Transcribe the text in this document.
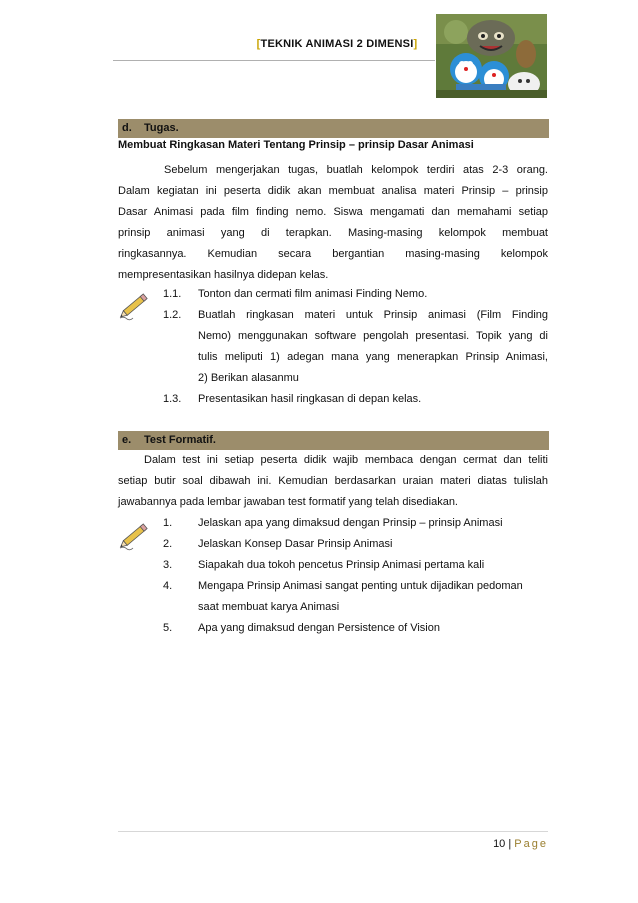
[TEKNIK ANIMASI 2 DIMENSI]
d. Tugas.
Membuat Ringkasan Materi Tentang Prinsip – prinsip Dasar Animasi
Sebelum mengerjakan tugas, buatlah kelompok terdiri atas 2-3 orang.
Dalam kegiatan ini peserta didik akan membuat analisa materi Prinsip – prinsip
Dasar Animasi pada film finding nemo. Siswa mengamati dan memahami setiap
prinsip animasi yang di terapkan. Masing-masing kelompok membuat
ringkasannya. Kemudian secara bergantian masing-masing kelompok
mempresentasikan hasilnya didepan kelas.
1.1. Tonton dan cermati film animasi Finding Nemo.
1.2. Buatlah ringkasan materi untuk Prinsip animasi (Film Finding
Nemo) menggunakan software pengolah presentasi. Topik yang di
tulis meliputi 1) adegan mana yang menerapkan Prinsip Animasi,
2) Berikan alasanmu
1.3. Presentasikan hasil ringkasan di depan kelas.
e. Test Formatif.
Dalam test ini setiap peserta didik wajib membaca dengan cermat dan teliti
setiap butir soal dibawah ini. Kemudian berdasarkan uraian materi diatas tulislah
jawabannya pada lembar jawaban test formatif yang telah disediakan.
1. Jelaskan apa yang dimaksud dengan Prinsip – prinsip Animasi
2. Jelaskan Konsep Dasar Prinsip Animasi
3. Siapakah dua tokoh pencetus Prinsip Animasi pertama kali
4. Mengapa Prinsip Animasi sangat penting untuk dijadikan pedoman
saat membuat karya Animasi
5. Apa yang dimaksud dengan Persistence of Vision
10 | Page
